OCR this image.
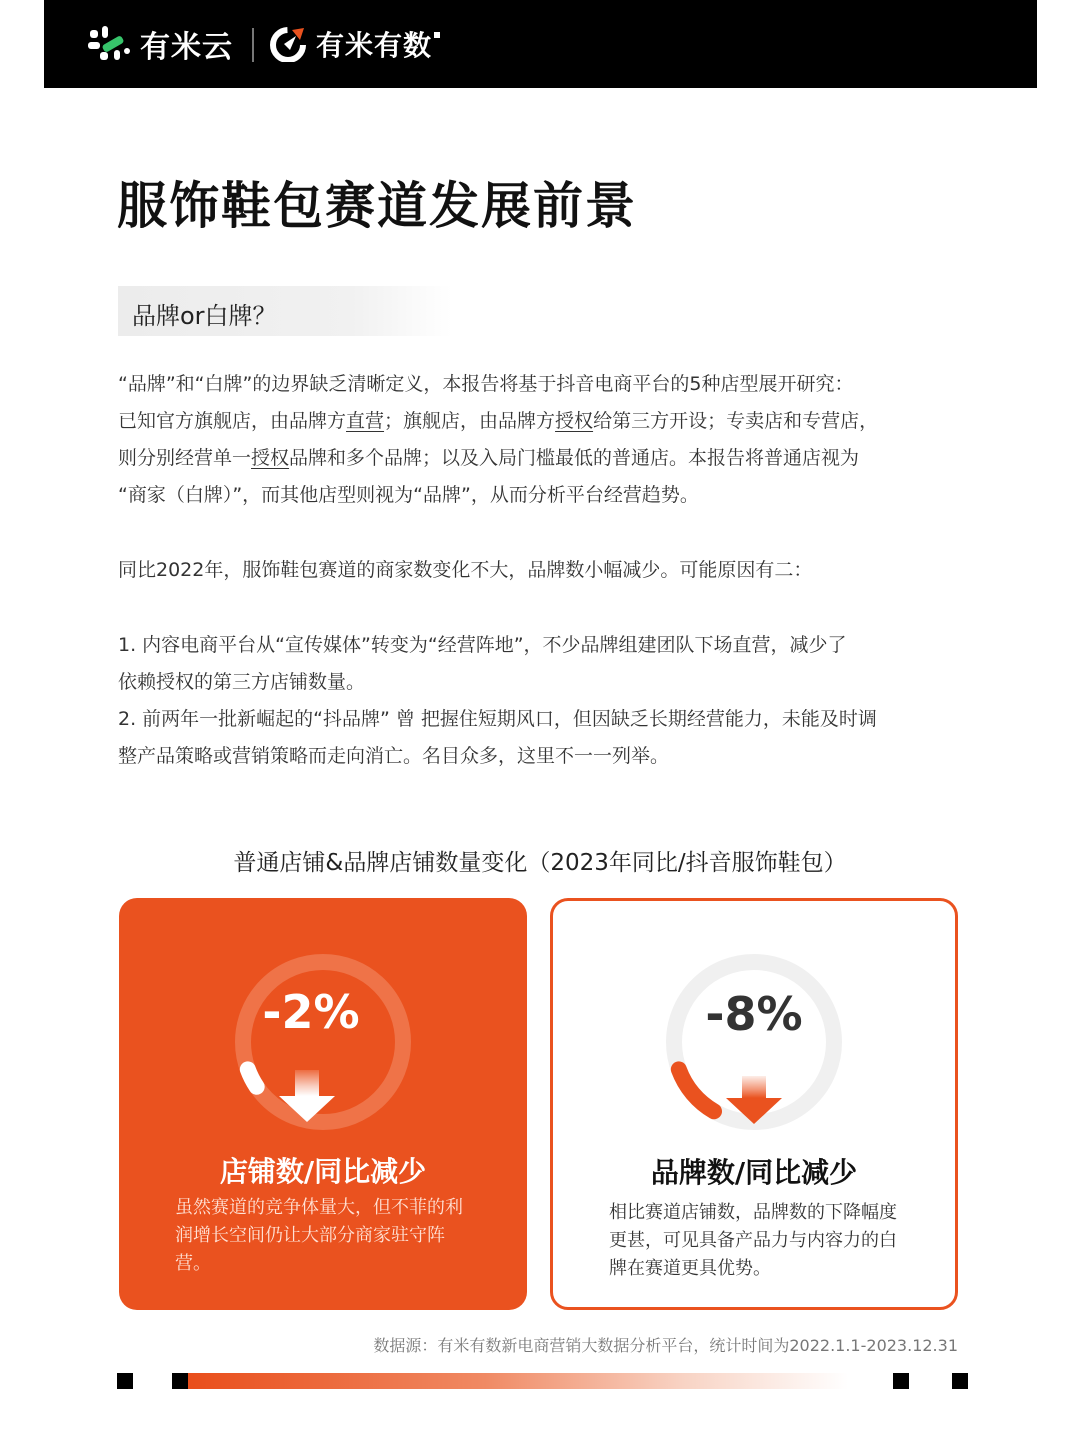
有米云	有米有数
服饰鞋包赛道发展前景
品牌or白牌？

“品牌”和“白牌”的边界缺乏清晰定义，本报告将基于抖音电商平台的5种店型展开研究：
已知官方旗舰店，由品牌方直营；旗舰店，由品牌方授权给第三方开设；专卖店和专营店，
则分别经营单一授权品牌和多个品牌；以及入局门槛最低的普通店。本报告将普通店视为
“商家（白牌）”，而其他店型则视为“品牌”，从而分析平台经营趋势。

同比2022年，服饰鞋包赛道的商家数变化不大，品牌数小幅减少。可能原因有二：

1. 内容电商平台从“宣传媒体”转变为“经营阵地”，不少品牌组建团队下场直营，减少了
依赖授权的第三方店铺数量。
2. 前两年一批新崛起的“抖品牌” 曾 把握住短期风口，但因缺乏长期经营能力，未能及时调
整产品策略或营销策略而走向消亡。名目众多，这里不一一列举。

普通店铺&品牌店铺数量变化（2023年同比/抖音服饰鞋包）
-2%
店铺数/同比减少
虽然赛道的竞争体量大，但不菲的利
润增长空间仍让大部分商家驻守阵营。
-8%
品牌数/同比减少
相比赛道店铺数，品牌数的下降幅度
更甚，可见具备产品力与内容力的白
牌在赛道更具优势。
数据源：有米有数新电商营销大数据分析平台，统计时间为2022.1.1-2023.12.31
